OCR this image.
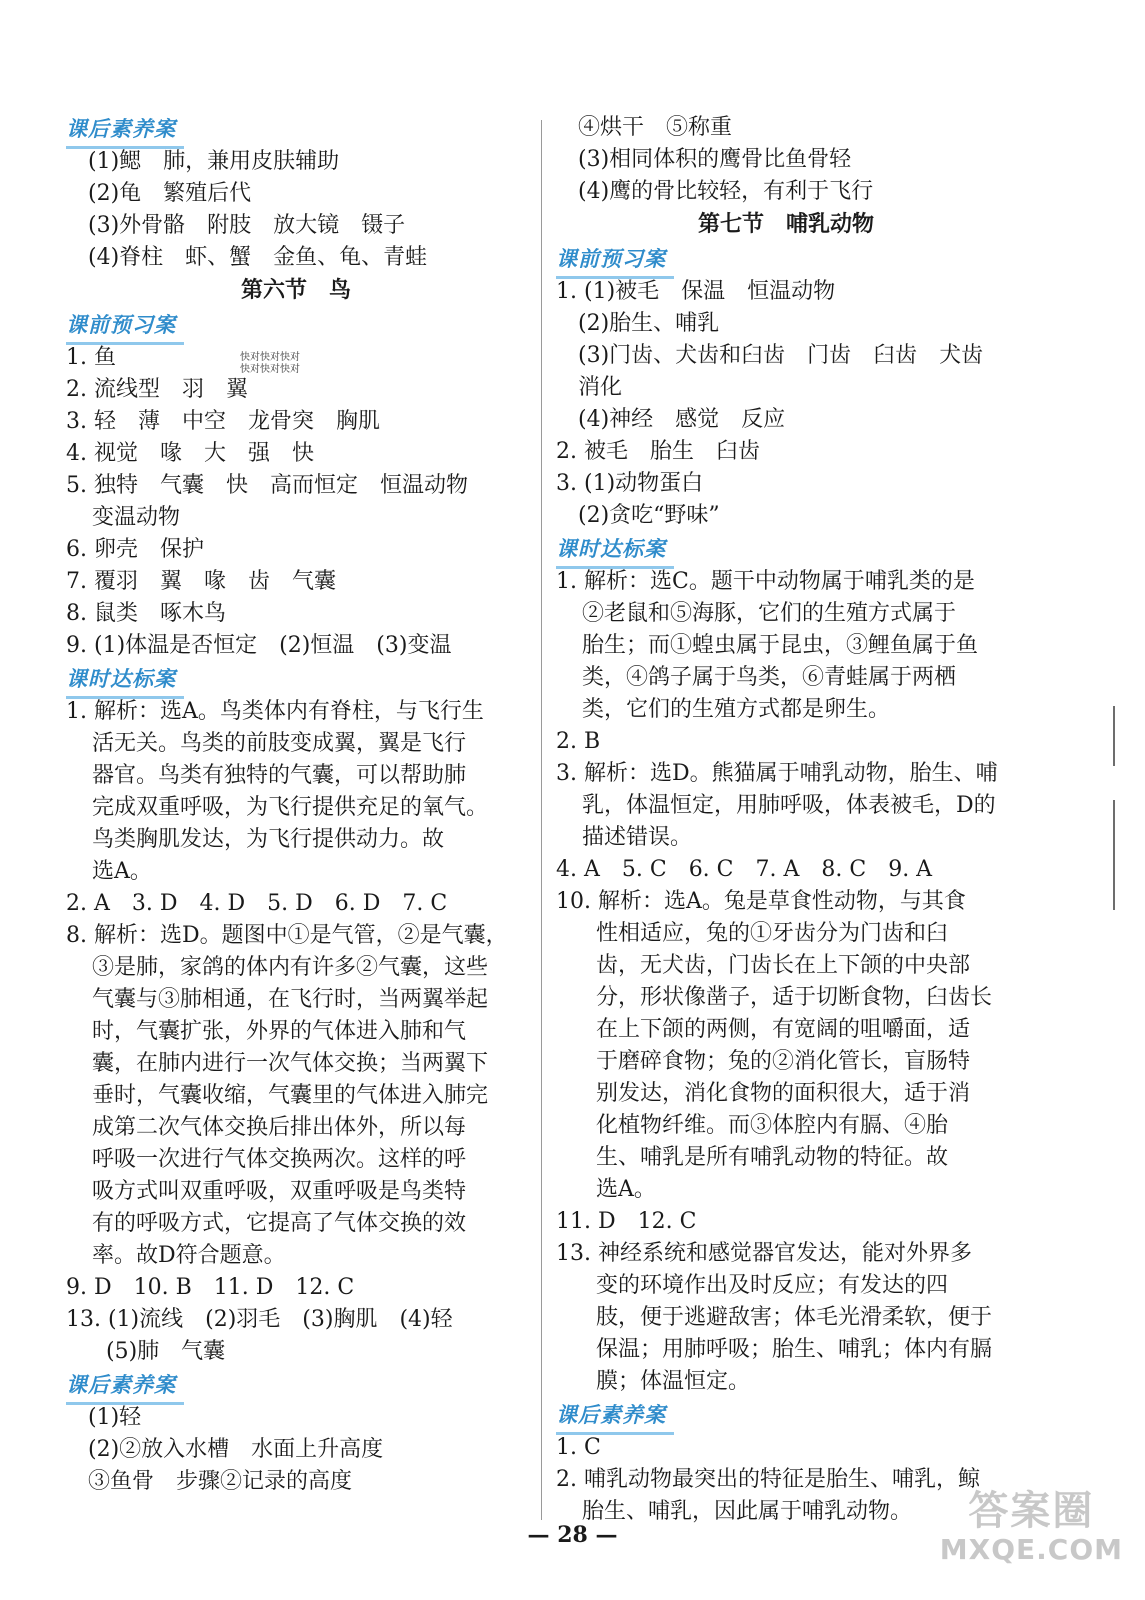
课后素养案
(1)鳃　肺，兼用皮肤辅助
(2)龟　繁殖后代
(3)外骨骼　附肢　放大镜　镊子
(4)脊柱　虾、蟹　金鱼、龟、青蛙
第六节　鸟
课前预习案
1. 鱼
2. 流线型　羽　翼
3. 轻　薄　中空　龙骨突　胸肌
4. 视觉　喙　大　强　快
5. 独特　气囊　快　高而恒定　恒温动物
变温动物
6. 卵壳　保护
7. 覆羽　翼　喙　齿　气囊
8. 鼠类　啄木鸟
9. (1)体温是否恒定　(2)恒温　(3)变温
课时达标案
1. 解析：选A。鸟类体内有脊柱，与飞行生
活无关。鸟类的前肢变成翼，翼是飞行
器官。鸟类有独特的气囊，可以帮助肺
完成双重呼吸，为飞行提供充足的氧气。
鸟类胸肌发达，为飞行提供动力。故
选A。
2. A　3. D　4. D　5. D　6. D　7. C
8. 解析：选D。题图中①是气管，②是气囊，
③是肺，家鸽的体内有许多②气囊，这些
气囊与③肺相通，在飞行时，当两翼举起
时，气囊扩张，外界的气体进入肺和气
囊，在肺内进行一次气体交换；当两翼下
垂时，气囊收缩，气囊里的气体进入肺完
成第二次气体交换后排出体外，所以每
呼吸一次进行气体交换两次。这样的呼
吸方式叫双重呼吸，双重呼吸是鸟类特
有的呼吸方式，它提高了气体交换的效
率。故D符合题意。
9. D　10. B　11. D　12. C
13. (1)流线　(2)羽毛　(3)胸肌　(4)轻
(5)肺　气囊
课后素养案
(1)轻
(2)②放入水槽　水面上升高度
③鱼骨　步骤②记录的高度
快对快对快对
快对快对快对
④烘干　⑤称重
(3)相同体积的鹰骨比鱼骨轻
(4)鹰的骨比较轻，有利于飞行
第七节　哺乳动物
课前预习案
1. (1)被毛　保温　恒温动物
(2)胎生、哺乳
(3)门齿、犬齿和臼齿　门齿　臼齿　犬齿
消化
(4)神经　感觉　反应
2. 被毛　胎生　臼齿
3. (1)动物蛋白
(2)贪吃“野味”
课时达标案
1. 解析：选C。题干中动物属于哺乳类的是
②老鼠和⑤海豚，它们的生殖方式属于
胎生；而①蝗虫属于昆虫，③鲤鱼属于鱼
类，④鸽子属于鸟类，⑥青蛙属于两栖
类，它们的生殖方式都是卵生。
2. B
3. 解析：选D。熊猫属于哺乳动物，胎生、哺
乳，体温恒定，用肺呼吸，体表被毛，D的
描述错误。
4. A　5. C　6. C　7. A　8. C　9. A
10. 解析：选A。兔是草食性动物，与其食
性相适应，兔的①牙齿分为门齿和臼
齿，无犬齿，门齿长在上下颌的中央部
分，形状像凿子，适于切断食物，臼齿长
在上下颌的两侧，有宽阔的咀嚼面，适
于磨碎食物；兔的②消化管长，盲肠特
别发达，消化食物的面积很大，适于消
化植物纤维。而③体腔内有膈、④胎
生、哺乳是所有哺乳动物的特征。故
选A。
11. D　12. C
13. 神经系统和感觉器官发达，能对外界多
变的环境作出及时反应；有发达的四
肢，便于逃避敌害；体毛光滑柔软，便于
保温；用肺呼吸；胎生、哺乳；体内有膈
膜；体温恒定。
课后素养案
1. C
2. 哺乳动物最突出的特征是胎生、哺乳，鲸
胎生、哺乳，因此属于哺乳动物。
— 28 —
答案圈
MXQE.COM
